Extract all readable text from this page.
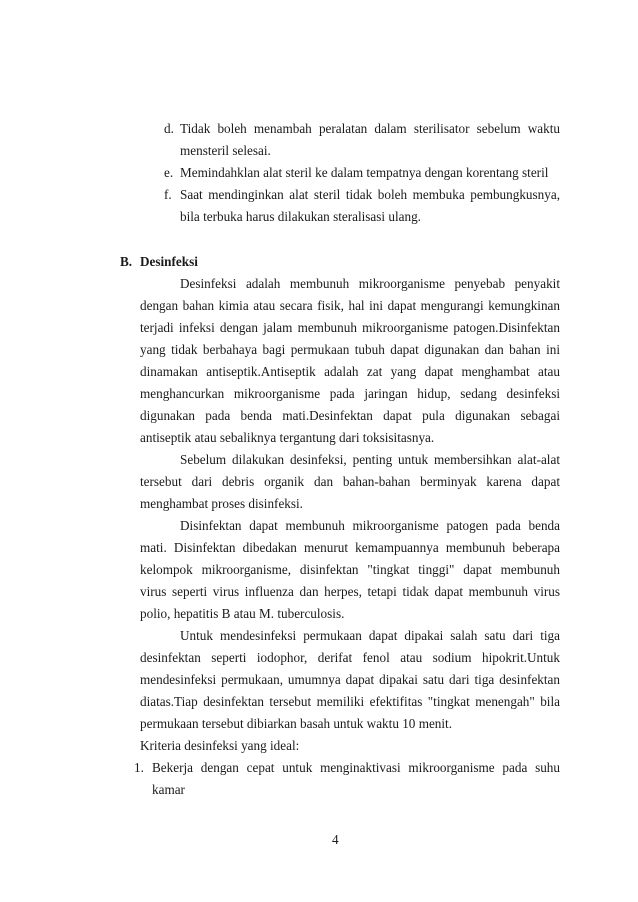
d. Tidak boleh menambah peralatan dalam sterilisator sebelum waktu
mensteril selesai.
e. Memindahklan alat steril ke dalam tempatnya dengan korentang steril
f. Saat mendinginkan alat steril tidak boleh membuka pembungkusnya,
bila terbuka harus dilakukan steralisasi ulang.
B. Desinfeksi
Desinfeksi adalah membunuh mikroorganisme penyebab penyakit
dengan bahan kimia atau secara fisik, hal ini dapat mengurangi kemungkinan
terjadi infeksi dengan jalam membunuh mikroorganisme patogen.Disinfektan
yang tidak berbahaya bagi permukaan tubuh dapat digunakan dan bahan ini
dinamakan antiseptik.Antiseptik adalah zat yang dapat menghambat atau
menghancurkan mikroorganisme pada jaringan hidup, sedang desinfeksi
digunakan pada benda mati.Desinfektan dapat pula digunakan sebagai
antiseptik atau sebaliknya tergantung dari toksisitasnya.
Sebelum dilakukan desinfeksi, penting untuk membersihkan alat-alat
tersebut dari debris organik dan bahan-bahan berminyak karena dapat
menghambat proses disinfeksi.
Disinfektan dapat membunuh mikroorganisme patogen pada benda
mati. Disinfektan dibedakan menurut kemampuannya membunuh beberapa
kelompok mikroorganisme, disinfektan "tingkat tinggi" dapat membunuh
virus seperti virus influenza dan herpes, tetapi tidak dapat membunuh virus
polio, hepatitis B atau M. tuberculosis.
Untuk mendesinfeksi permukaan dapat dipakai salah satu dari tiga
desinfektan seperti iodophor, derifat fenol atau sodium hipokrit.Untuk
mendesinfeksi permukaan, umumnya dapat dipakai satu dari tiga desinfektan
diatas.Tiap desinfektan tersebut memiliki efektifitas "tingkat menengah" bila
permukaan tersebut dibiarkan basah untuk waktu 10 menit.
Kriteria desinfeksi yang ideal:
1. Bekerja dengan cepat untuk menginaktivasi mikroorganisme pada suhu
kamar
4
